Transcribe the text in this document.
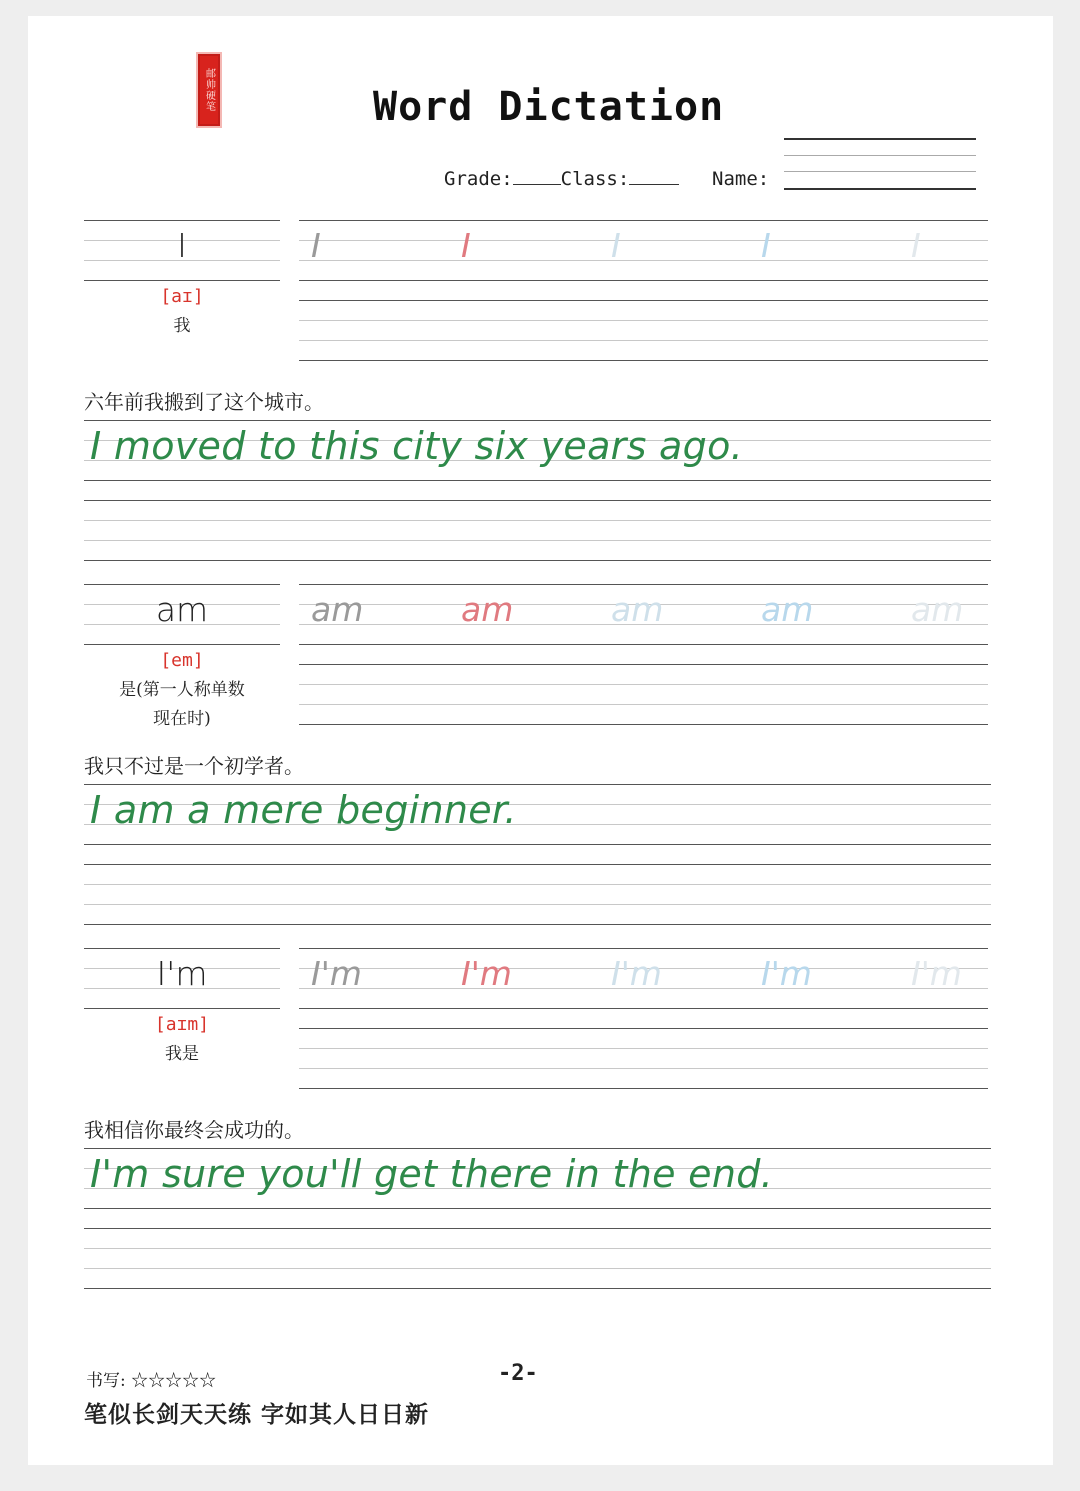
邮帅硬笔	Word Dictation
Grade:	Class:	Name:
I
[aɪ]
我
I	I	I	I	I
六年前我搬到了这个城市。
I moved to this city six years ago.
am
[em]
是(第一人称单数
现在时)
am	am	am	am	am
我只不过是一个初学者。
I am a mere beginner.
I'm
[aɪm]
我是
I'm	I'm	I'm	I'm	I'm
我相信你最终会成功的。
I'm sure you'll get there in the end.
书写: ☆☆☆☆☆	-2-
笔似长剑天天练 字如其人日日新
